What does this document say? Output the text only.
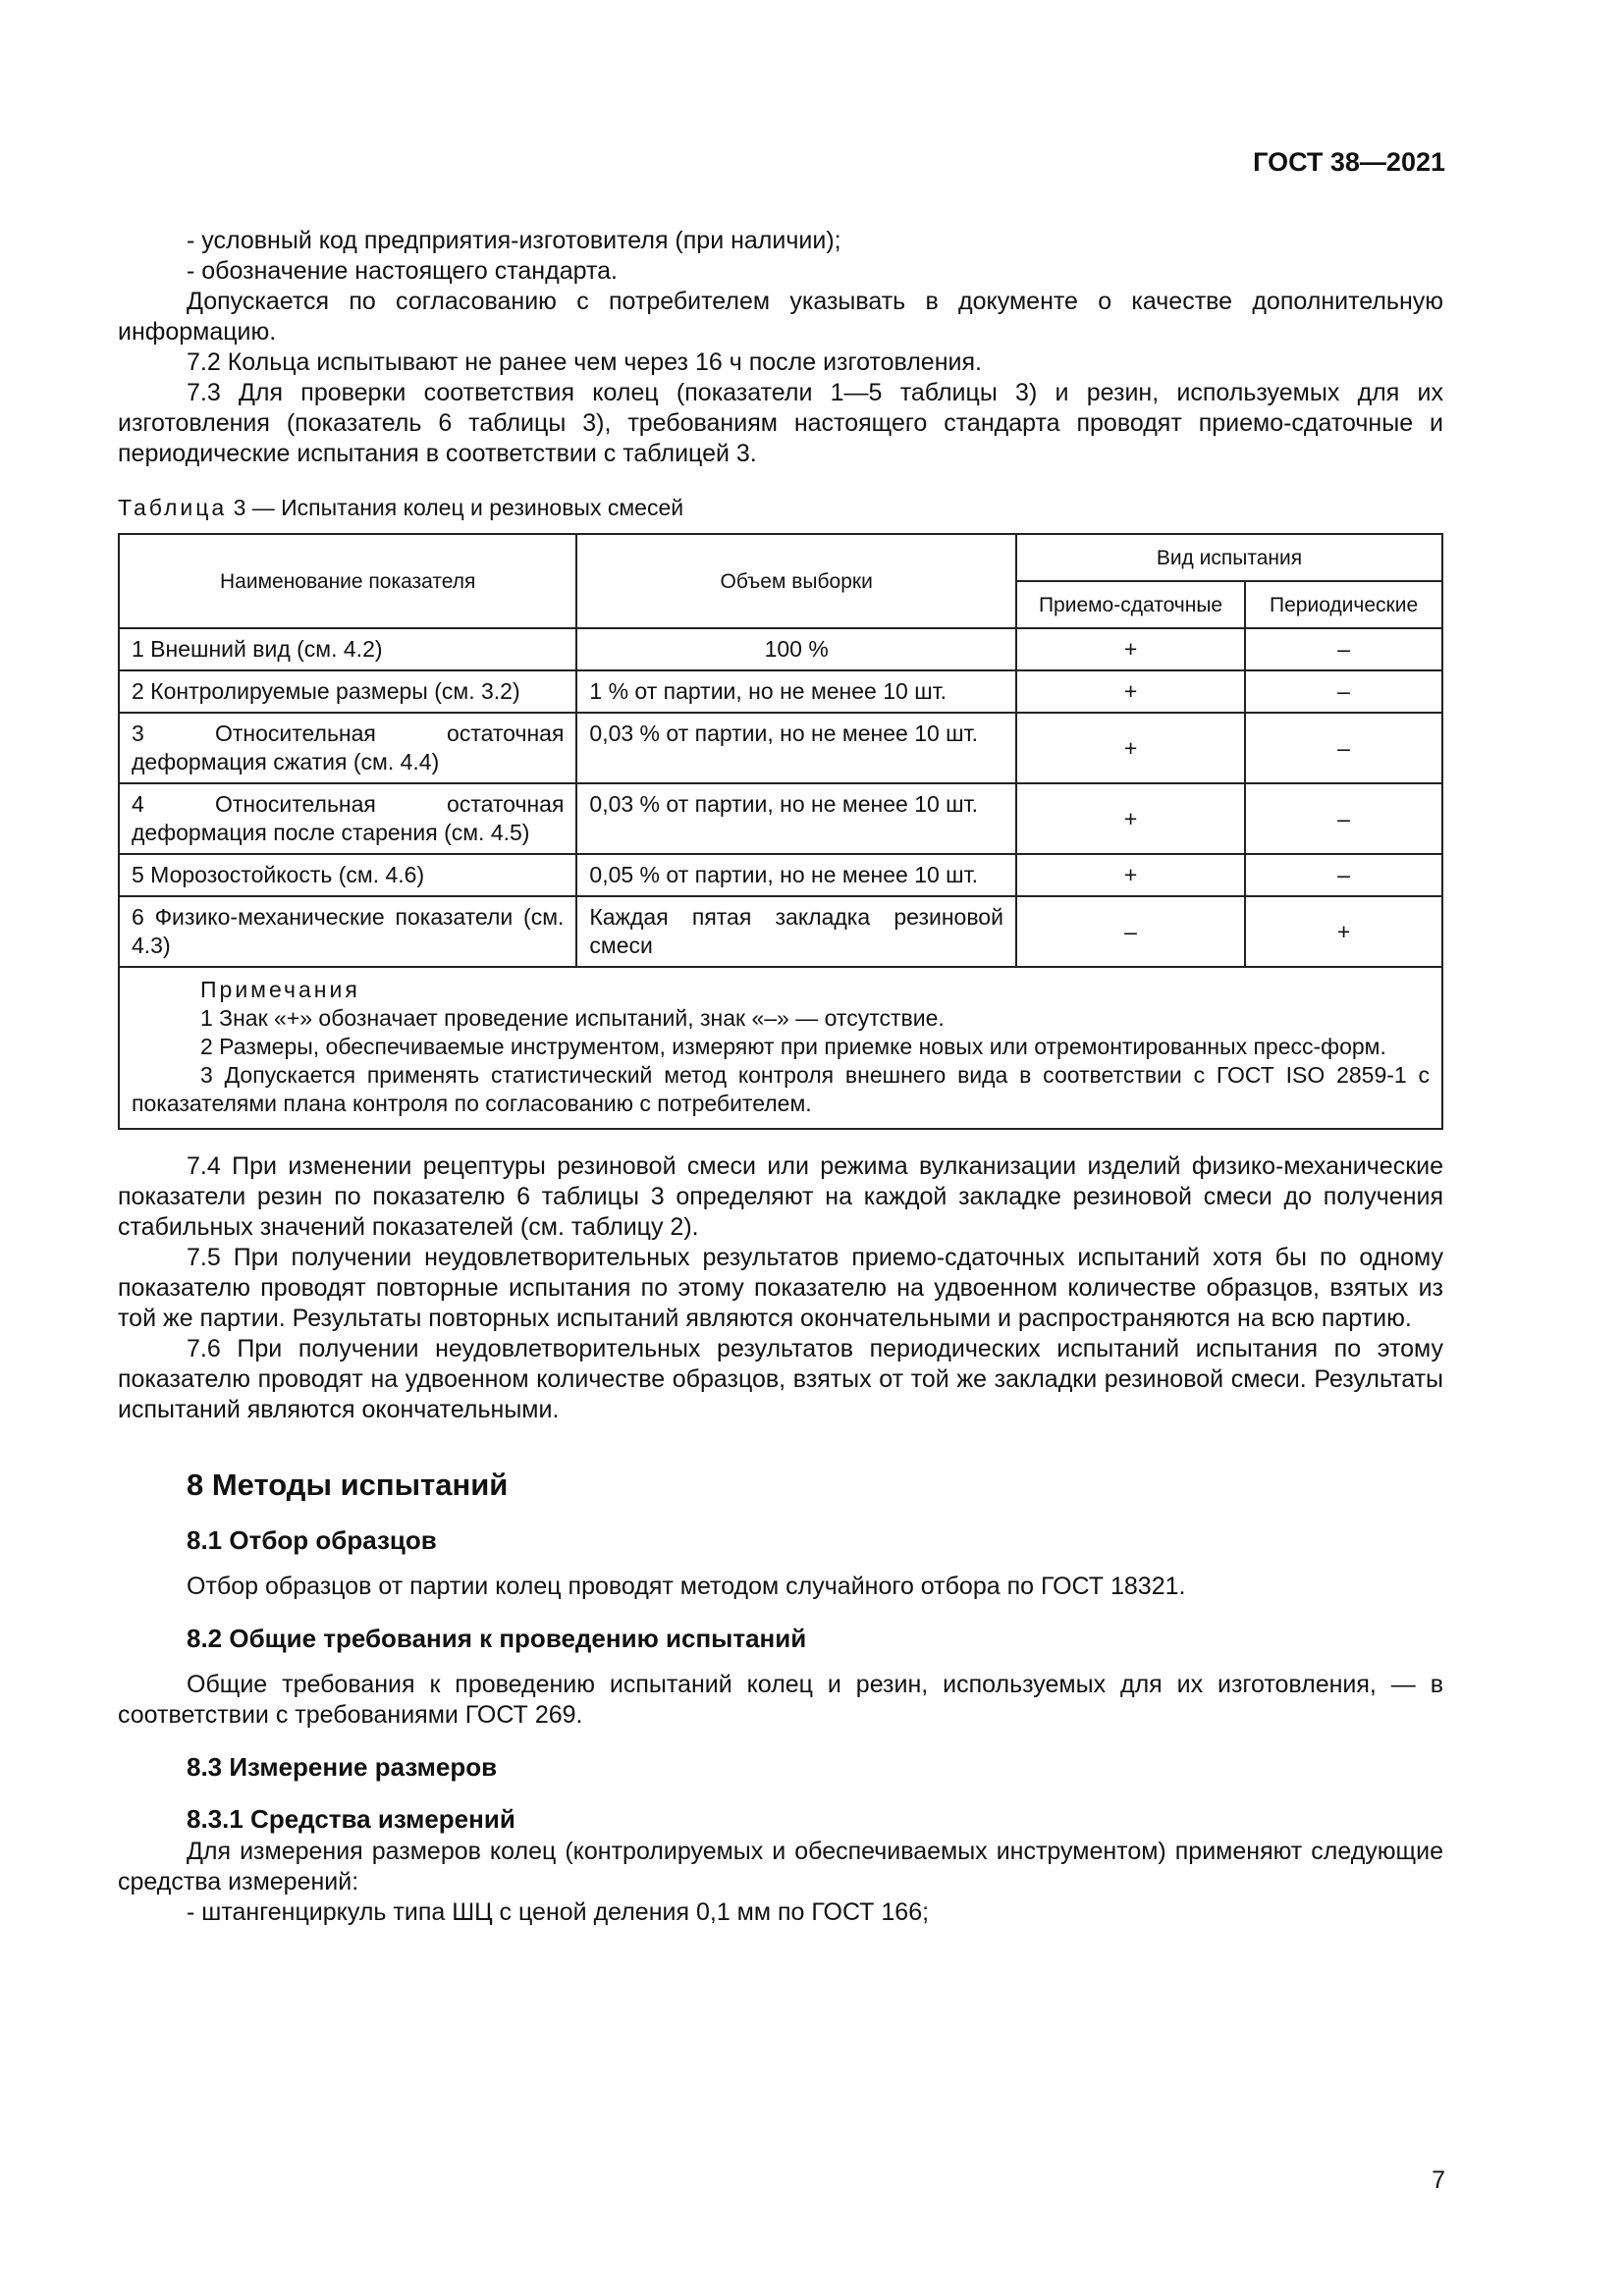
ГОСТ 38—2021

- условный код предприятия-изготовителя (при наличии);

- обозначение настоящего стандарта.

Допускается по согласованию с потребителем указывать в документе о качестве дополнительную информацию.

7.2 Кольца испытывают не ранее чем через 16 ч после изготовления.

7.3 Для проверки соответствия колец (показатели 1—5 таблицы 3) и резин, используемых для их изготовления (показатель 6 таблицы 3), требованиям настоящего стандарта проводят приемо-сдаточные и периодические испытания в соответствии с таблицей 3.

Таблица 3 — Испытания колец и резиновых смесей
Наименование показателя	Объем выборки	Вид испытания	
		Приемо-сдаточные	Периодические
1 Внешний вид (см. 4.2)	100 %	+	–
2 Контролируемые размеры (см. 3.2)	1 % от партии, но не менее 10 шт.	+	–
3 Относительная остаточная деформация сжатия (см. 4.4)	0,03 % от партии, но не менее 10 шт.	+	–
4 Относительная остаточная деформация после старения (см. 4.5)	0,03 % от партии, но не менее 10 шт.	+	–
5 Морозостойкость (см. 4.6)	0,05 % от партии, но не менее 10 шт.	+	–
6 Физико-механические показатели (см. 4.3)	Каждая пятая закладка резиновой смеси	–	+

Примечания
1 Знак «+» обозначает проведение испытаний, знак «–» — отсутствие.
2 Размеры, обеспечиваемые инструментом, измеряют при приемке новых или отремонтированных пресс-форм.
3 Допускается применять статистический метод контроля внешнего вида в соответствии с ГОСТ ISO 2859-1 с показателями плана контроля по согласованию с потребителем.			

7.4 При изменении рецептуры резиновой смеси или режима вулканизации изделий физико-механические показатели резин по показателю 6 таблицы 3 определяют на каждой закладке резиновой смеси до получения стабильных значений показателей (см. таблицу 2).

7.5 При получении неудовлетворительных результатов приемо-сдаточных испытаний хотя бы по одному показателю проводят повторные испытания по этому показателю на удвоенном количестве образцов, взятых из той же партии. Результаты повторных испытаний являются окончательными и распространяются на всю партию.

7.6 При получении неудовлетворительных результатов периодических испытаний испытания по этому показателю проводят на удвоенном количестве образцов, взятых от той же закладки резиновой смеси. Результаты испытаний являются окончательными.

8 Методы испытаний
8.1 Отбор образцов

Отбор образцов от партии колец проводят методом случайного отбора по ГОСТ 18321.

8.2 Общие требования к проведению испытаний

Общие требования к проведению испытаний колец и резин, используемых для их изготовления, — в соответствии с требованиями ГОСТ 269.

8.3 Измерение размеров
8.3.1 Средства измерений

Для измерения размеров колец (контролируемых и обеспечиваемых инструментом) применяют следующие средства измерений:

- штангенциркуль типа ШЦ с ценой деления 0,1 мм по ГОСТ 166;

7
